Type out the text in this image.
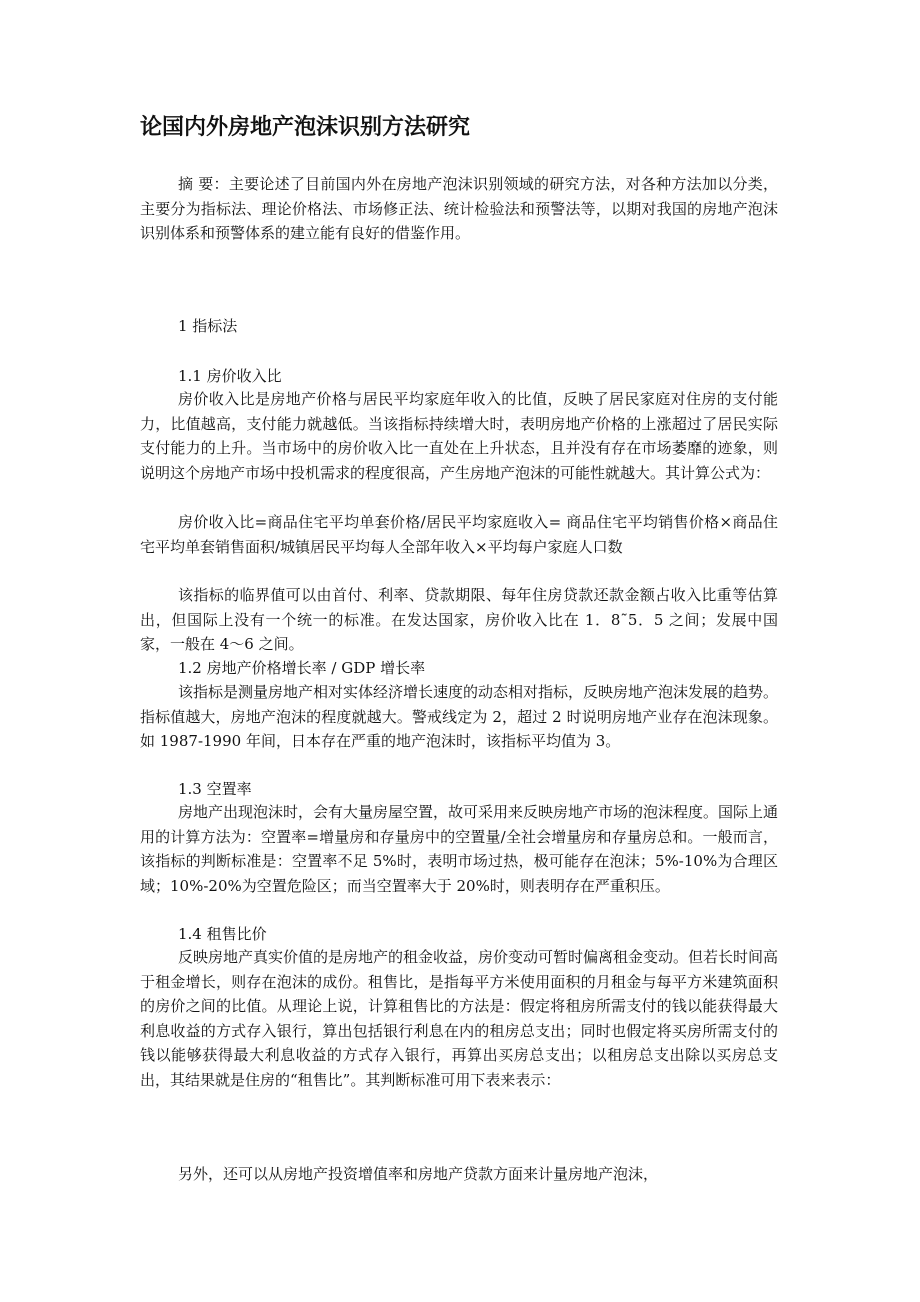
论国内外房地产泡沫识别方法研究

摘 要：主要论述了目前国内外在房地产泡沫识别领域的研究方法，对各种方法加以分类，主要分为指标法、理论价格法、市场修正法、统计检验法和预警法等，以期对我国的房地产泡沫识别体系和预警体系的建立能有良好的借鉴作用。

1 指标法

1.1 房价收入比

房价收入比是房地产价格与居民平均家庭年收入的比值，反映了居民家庭对住房的支付能力，比值越高，支付能力就越低。当该指标持续增大时，表明房地产价格的上涨超过了居民实际支付能力的上升。当市场中的房价收入比一直处在上升状态，且并没有存在市场萎靡的迹象，则说明这个房地产市场中投机需求的程度很高，产生房地产泡沫的可能性就越大。其计算公式为：

房价收入比=商品住宅平均单套价格/居民平均家庭收入= 商品住宅平均销售价格×商品住宅平均单套销售面积/城镇居民平均每人全部年收入×平均每户家庭人口数

该指标的临界值可以由首付、利率、贷款期限、每年住房贷款还款金额占收入比重等估算出，但国际上没有一个统一的标准。在发达国家，房价收入比在 1．8˜5．5 之间；发展中国家，一般在 4～6 之间。

1.2 房地产价格增长率 / GDP 增长率

该指标是测量房地产相对实体经济增长速度的动态相对指标，反映房地产泡沫发展的趋势。指标值越大，房地产泡沫的程度就越大。警戒线定为 2，超过 2 时说明房地产业存在泡沫现象。如 1987-1990 年间，日本存在严重的地产泡沫时，该指标平均值为 3。

1.3 空置率

房地产出现泡沫时，会有大量房屋空置，故可采用来反映房地产市场的泡沫程度。国际上通用的计算方法为：空置率=增量房和存量房中的空置量/全社会增量房和存量房总和。一般而言，该指标的判断标准是：空置率不足 5%时，表明市场过热，极可能存在泡沫；5%-10%为合理区域；10%-20%为空置危险区；而当空置率大于 20%时，则表明存在严重积压。

1.4 租售比价

反映房地产真实价值的是房地产的租金收益，房价变动可暂时偏离租金变动。但若长时间高于租金增长，则存在泡沫的成份。租售比，是指每平方米使用面积的月租金与每平方米建筑面积的房价之间的比值。从理论上说，计算租售比的方法是：假定将租房所需支付的钱以能获得最大利息收益的方式存入银行，算出包括银行利息在内的租房总支出；同时也假定将买房所需支付的钱以能够获得最大利息收益的方式存入银行，再算出买房总支出；以租房总支出除以买房总支出，其结果就是住房的“租售比”。其判断标准可用下表来表示：

另外，还可以从房地产投资增值率和房地产贷款方面来计量房地产泡沫，
